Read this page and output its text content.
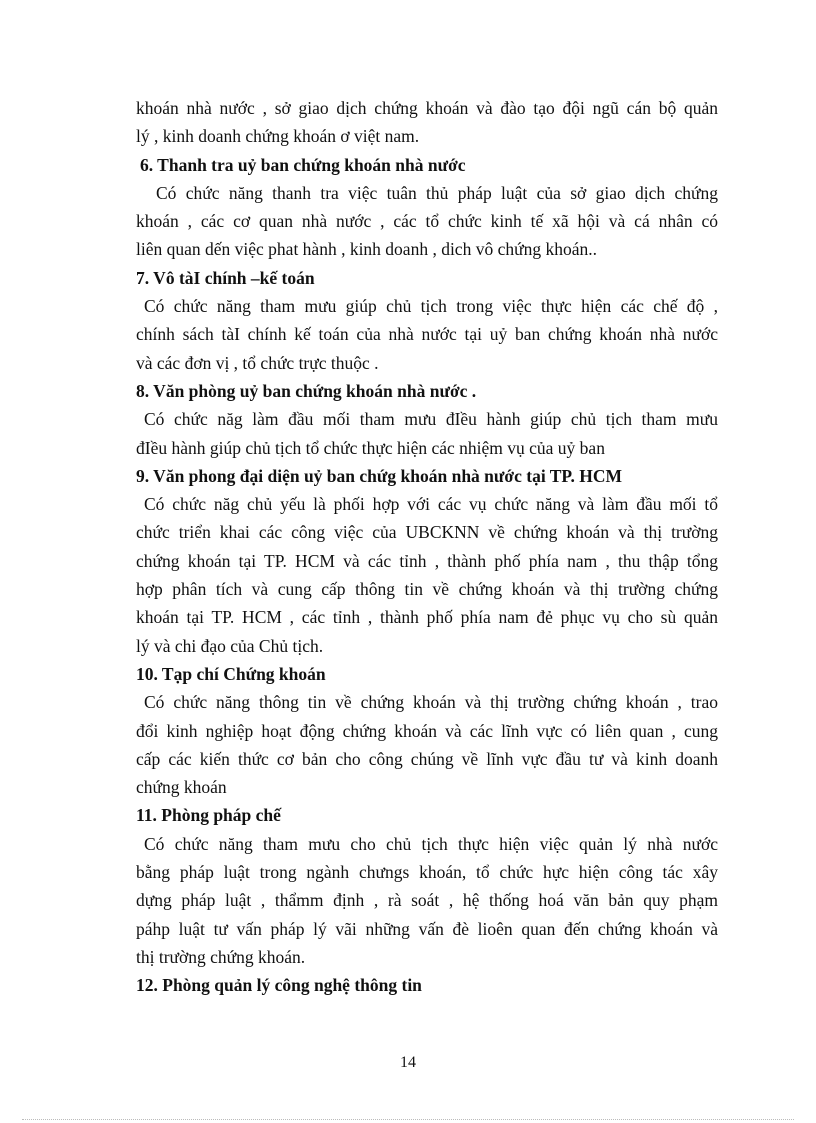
khoán nhà nước , sở giao dịch chứng khoán và đào tạo đội ngũ cán bộ quản
lý , kinh doanh chứng khoán ơ việt nam.
6. Thanh tra uỷ ban chứng khoán nhà nước
Có chức năng thanh tra việc tuân thủ pháp luật của sở giao dịch chứng
khoán , các cơ quan nhà nước , các tổ chức kinh tế xã hội và cá nhân có
liên quan dến việc phat hành , kinh doanh , dich vô chứng khoán..
7. Vô tàI chính –kế toán
Có chức năng tham mưu giúp chủ tịch trong việc thực hiện các chế độ ,
chính sách tàI chính kế toán của nhà nước tại uỷ ban chứng khoán nhà nước
và các đơn vị , tổ chức trực thuộc .
8. Văn phòng uỷ ban chứng khoán nhà nước .
Có chức năg làm đầu mối tham mưu đIều hành giúp chủ tịch tham mưu
đIều hành giúp chủ tịch tổ chức thực hiện các nhiệm vụ của uỷ ban
9. Văn phong đại diện uỷ ban chứg khoán nhà nước tại TP. HCM
Có chức năg chủ yếu là phối hợp với các vụ chức năng và làm đầu mối tổ
chức triển khai các công việc của UBCKNN về chứng khoán và thị trường
chứng khoán tại TP. HCM và các tỉnh , thành phố phía nam , thu thập tổng
hợp phân tích và cung cấp thông tin về chứng khoán và thị trường chứng
khoán tại TP. HCM , các tỉnh , thành phố phía nam đẻ phục vụ cho sù quản
lý và chi đạo của Chủ tịch.
10. Tạp chí Chứng khoán
Có chức năng thông tin về chứng khoán và thị trường chứng khoán , trao
đổi kinh nghiệp hoạt động chứng khoán và các lĩnh vực có liên quan , cung
cấp các kiến thức cơ bản cho công chúng về lĩnh vực đầu tư và kinh doanh
chứng khoán
11. Phòng pháp chế
Có chức năng tham mưu cho chủ tịch thực hiện việc quản lý nhà nước
bằng pháp luật trong ngành chưngs khoán, tổ chức hực hiện công tác xây
dựng pháp luật , thẩmm định , rà soát , hệ thống hoá văn bản quy phạm
páhp luật tư vấn pháp lý vãi những vấn đè lioên quan đến chứng khoán và
thị trường chứng khoán.
12. Phòng quản lý công nghệ thông tin
14
